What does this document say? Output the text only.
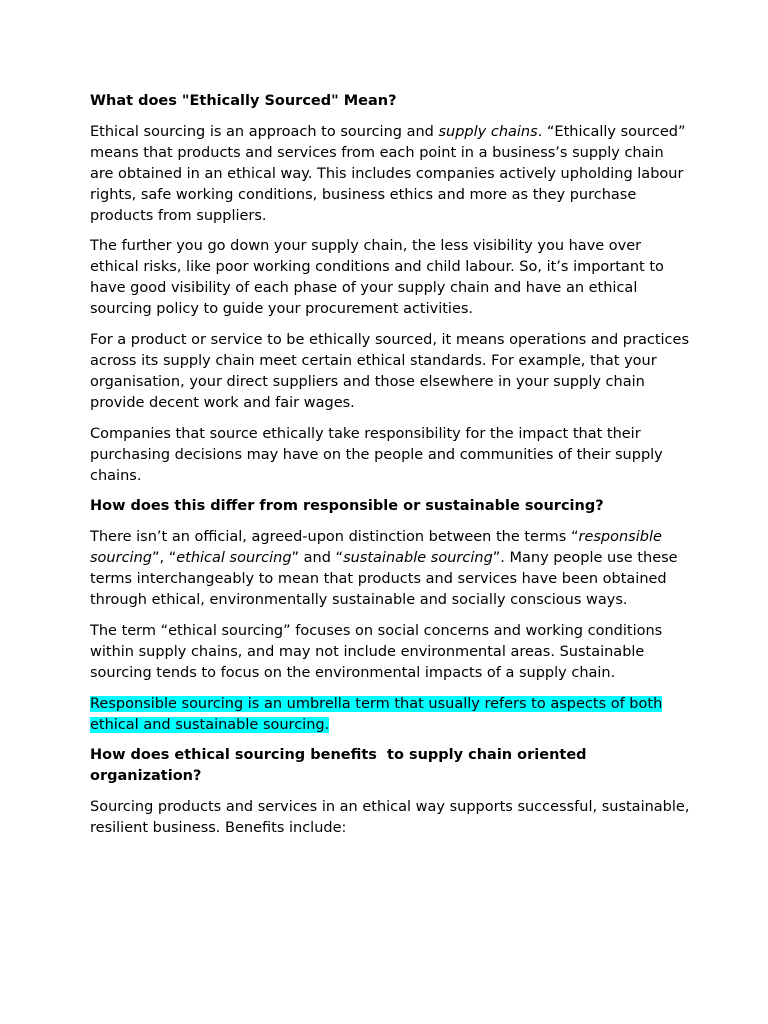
What does "Ethically Sourced" Mean?

Ethical sourcing is an approach to sourcing and supply chains. “Ethically sourced” means that products and services from each point in a business’s supply chain are obtained in an ethical way. This includes companies actively upholding labour rights, safe working conditions, business ethics and more as they purchase products from suppliers.

The further you go down your supply chain, the less visibility you have over ethical risks, like poor working conditions and child labour. So, it’s important to have good visibility of each phase of your supply chain and have an ethical sourcing policy to guide your procurement activities.

For a product or service to be ethically sourced, it means operations and practices across its supply chain meet certain ethical standards. For example, that your organisation, your direct suppliers and those elsewhere in your supply chain provide decent work and fair wages.

Companies that source ethically take responsibility for the impact that their purchasing decisions may have on the people and communities of their supply chains.

How does this differ from responsible or sustainable sourcing?

There isn’t an official, agreed-upon distinction between the terms “responsible sourcing”, “ethical sourcing” and “sustainable sourcing”. Many people use these terms interchangeably to mean that products and services have been obtained through ethical, environmentally sustainable and socially conscious ways.

The term “ethical sourcing” focuses on social concerns and working conditions within supply chains, and may not include environmental areas. Sustainable sourcing tends to focus on the environmental impacts of a supply chain.

Responsible sourcing is an umbrella term that usually refers to aspects of both ethical and sustainable sourcing.

How does ethical sourcing benefits  to supply chain oriented organization?

Sourcing products and services in an ethical way supports successful, sustainable, resilient business. Benefits include:
